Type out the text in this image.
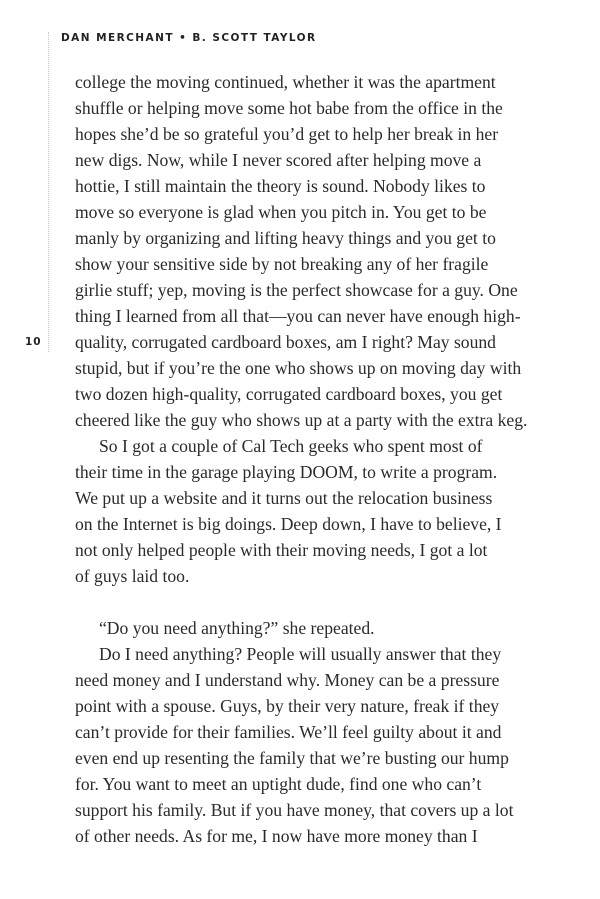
DAN MERCHANT • B. SCOTT TAYLOR
10
college the moving continued, whether it was the apartment
shuffle or helping move some hot babe from the office in the
hopes she’d be so grateful you’d get to help her break in her
new digs. Now, while I never scored after helping move a
hottie, I still maintain the theory is sound. Nobody likes to
move so everyone is glad when you pitch in. You get to be
manly by organizing and lifting heavy things and you get to
show your sensitive side by not breaking any of her fragile
girlie stuff; yep, moving is the perfect showcase for a guy. One
thing I learned from all that—you can never have enough high-
quality, corrugated cardboard boxes, am I right? May sound
stupid, but if you’re the one who shows up on moving day with
two dozen high-quality, corrugated cardboard boxes, you get
cheered like the guy who shows up at a party with the extra keg.
So I got a couple of Cal Tech geeks who spent most of
their time in the garage playing DOOM, to write a program.
We put up a website and it turns out the relocation business
on the Internet is big doings. Deep down, I have to believe, I
not only helped people with their moving needs, I got a lot
of guys laid too.
“Do you need anything?” she repeated.
Do I need anything? People will usually answer that they
need money and I understand why. Money can be a pressure
point with a spouse. Guys, by their very nature, freak if they
can’t provide for their families. We’ll feel guilty about it and
even end up resenting the family that we’re busting our hump
for. You want to meet an uptight dude, find one who can’t
support his family. But if you have money, that covers up a lot
of other needs. As for me, I now have more money than I
